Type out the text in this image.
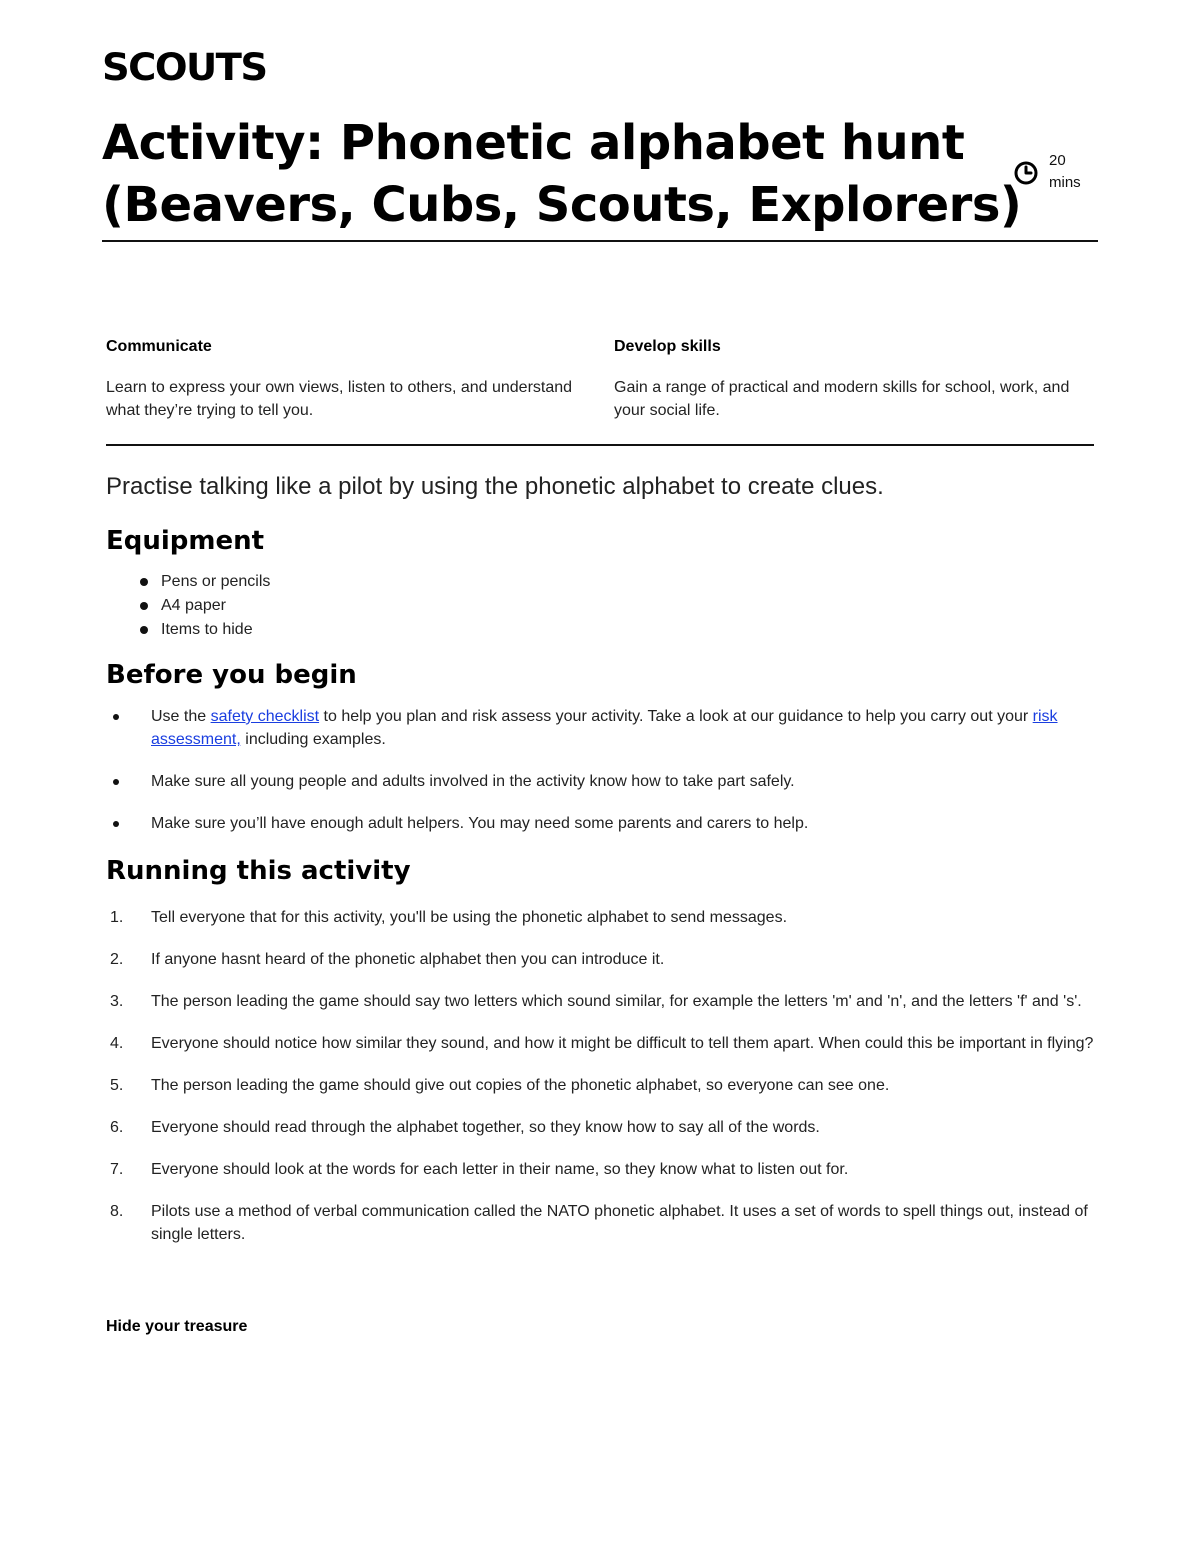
SCOUTS
Activity: Phonetic alphabet hunt
(Beavers, Cubs, Scouts, Explorers)
20
mins

Communicate

Learn to express your own views, listen to others, and understand what they’re trying to tell you.

Develop skills

Gain a range of practical and modern skills for school, work, and your social life.

Practise talking like a pilot by using the phonetic alphabet to create clues.

Equipment
Pens or pencils
A4 paper
Items to hide
Before you begin
Use the safety checklist to help you plan and risk assess your activity. Take a look at our guidance to help you carry out your risk assessment, including examples.
Make sure all young people and adults involved in the activity know how to take part safely.
Make sure you’ll have enough adult helpers. You may need some parents and carers to help.
Running this activity
1. Tell everyone that for this activity, you'll be using the phonetic alphabet to send messages.
2. If anyone hasnt heard of the phonetic alphabet then you can introduce it.
3. The person leading the game should say two letters which sound similar, for example the letters 'm' and 'n', and the letters 'f' and 's'.
4. Everyone should notice how similar they sound, and how it might be difficult to tell them apart. When could this be important in flying?
5. The person leading the game should give out copies of the phonetic alphabet, so everyone can see one.
6. Everyone should read through the alphabet together, so they know how to say all of the words.
7. Everyone should look at the words for each letter in their name, so they know what to listen out for.
8. Pilots use a method of verbal communication called the NATO phonetic alphabet. It uses a set of words to spell things out, instead of single letters.

Hide your treasure
